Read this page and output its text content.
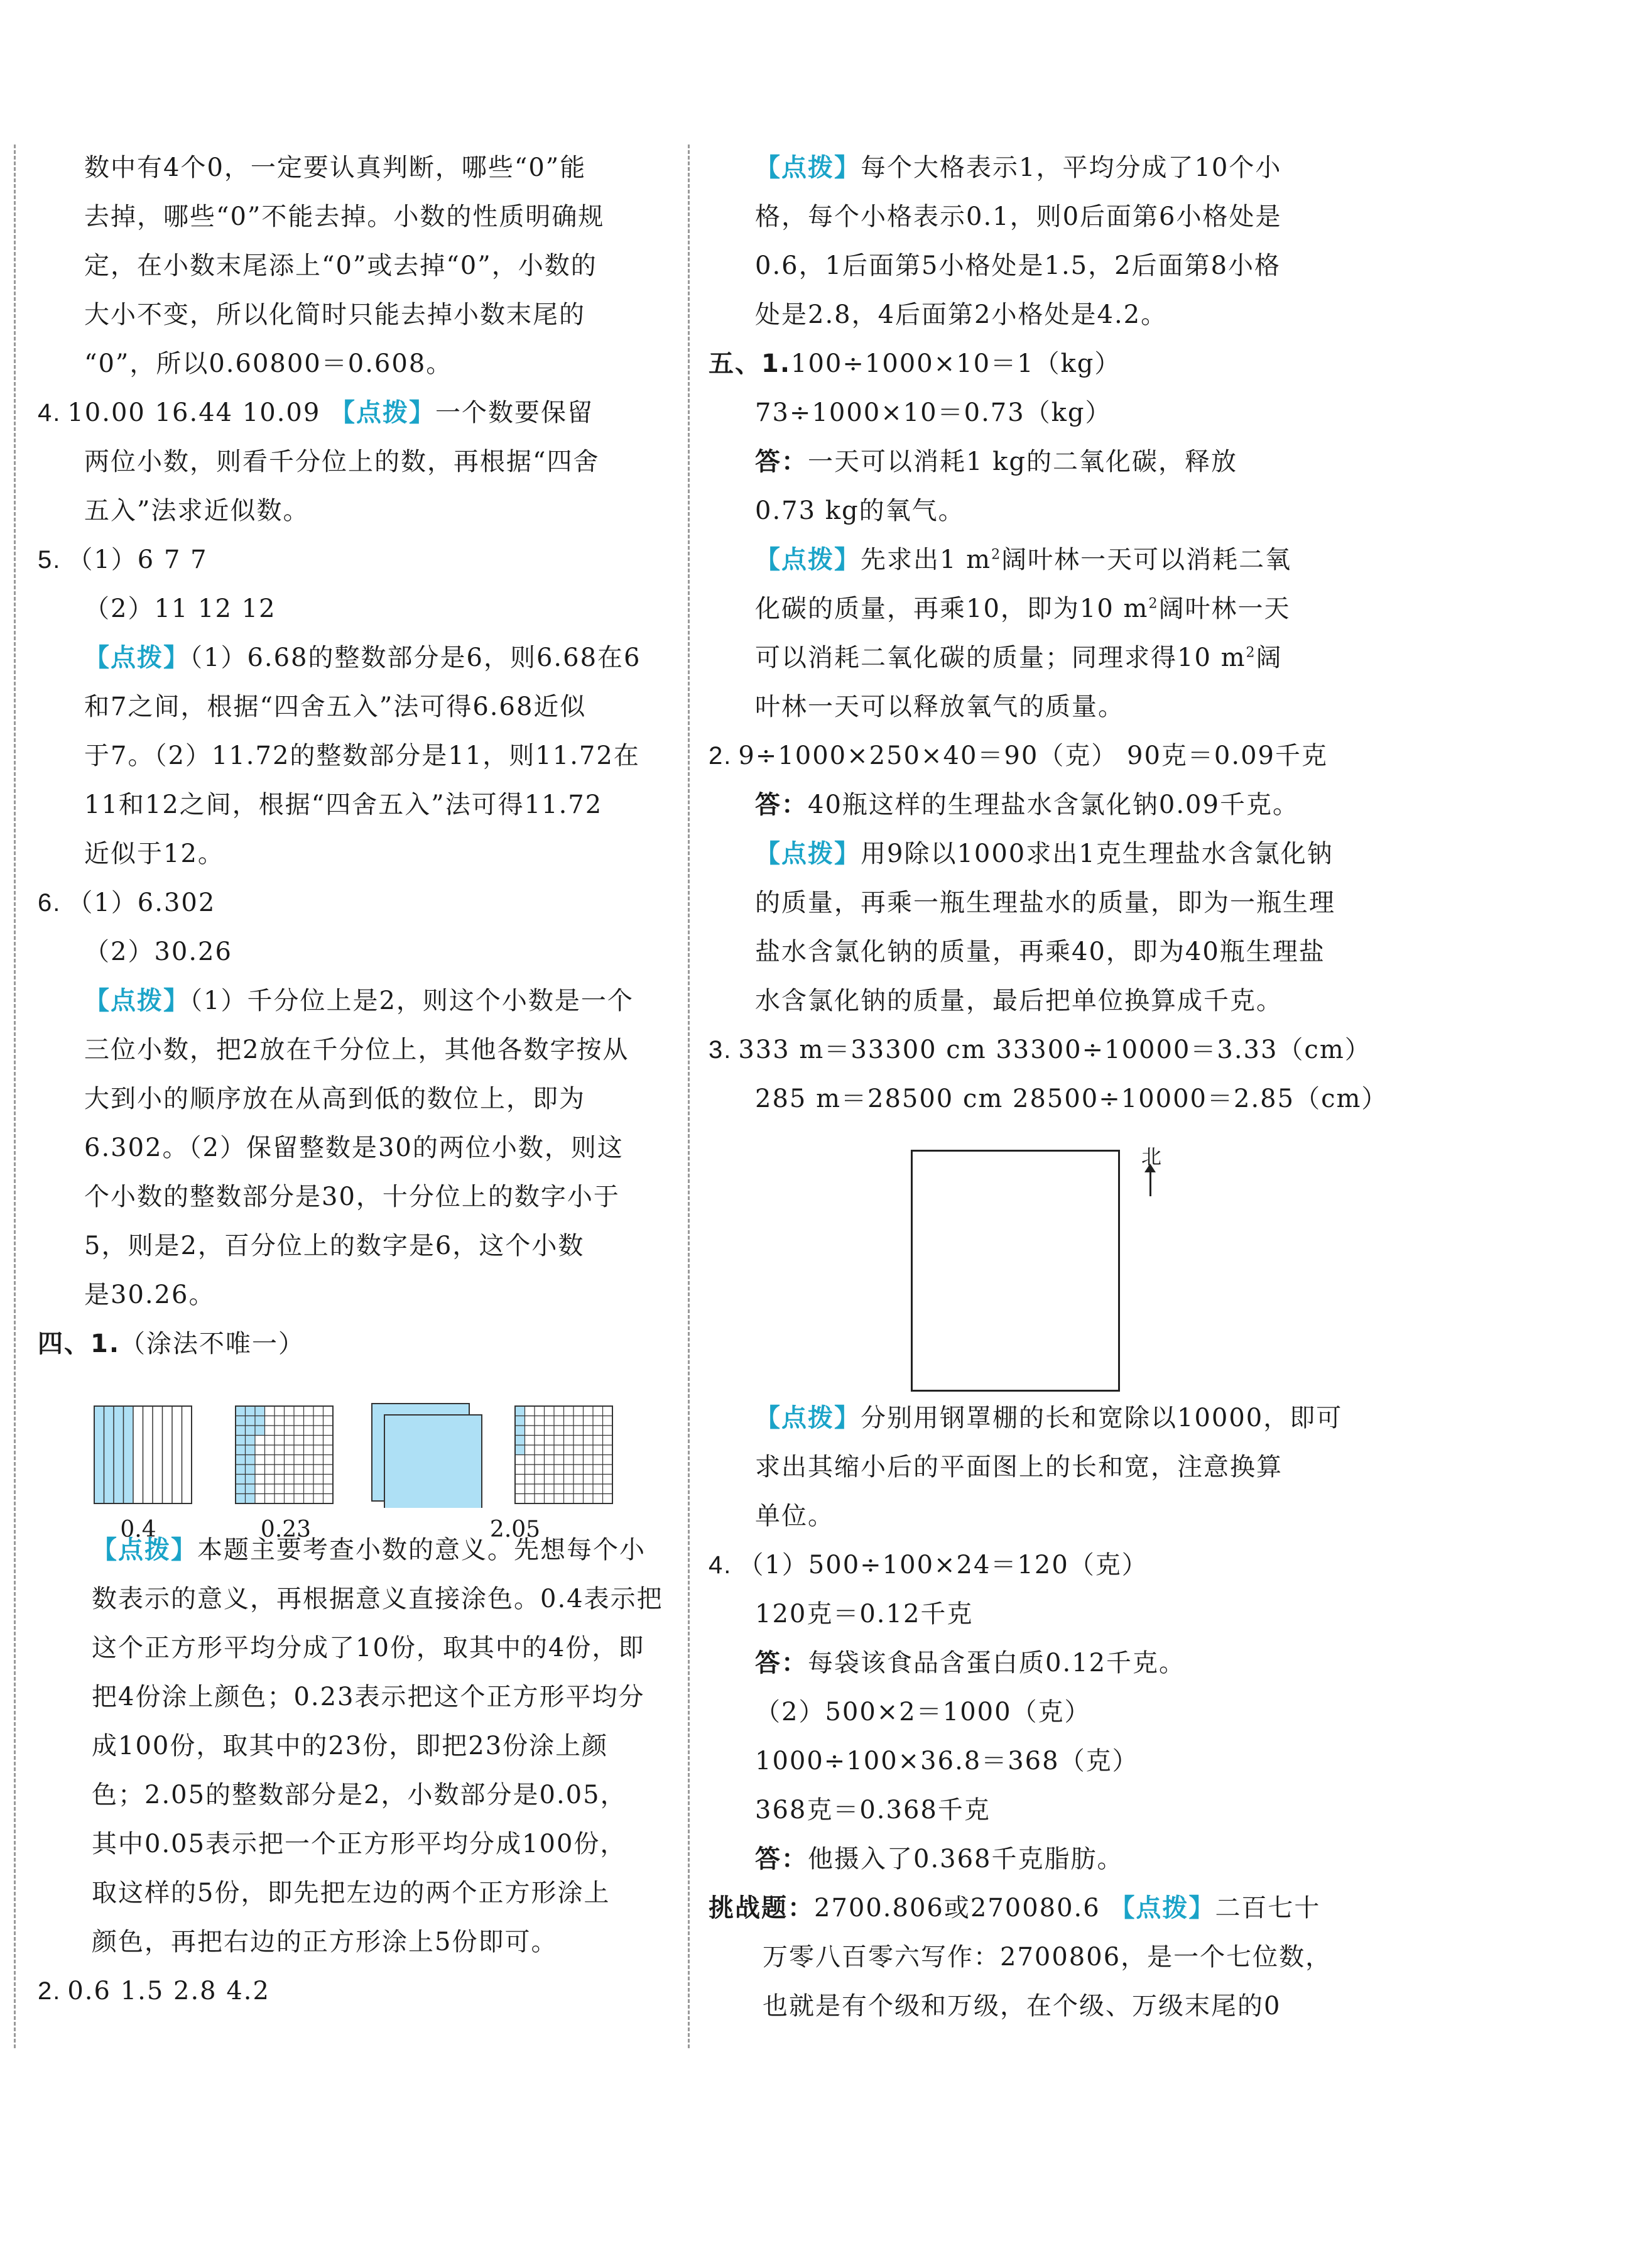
数中有4个0，一定要认真判断，哪些“0”能
去掉，哪些“0”不能去掉。小数的性质明确规
定，在小数末尾添上“0”或去掉“0”，小数的
大小不变，所以化简时只能去掉小数末尾的
“0”，所以0.60800＝0.608。
4. 10.00 16.44 10.09 【点拨】一个数要保留
两位小数，则看千分位上的数，再根据“四舍
五入”法求近似数。
5. （1）6 7 7
（2）11 12 12
【点拨】（1）6.68的整数部分是6，则6.68在6
和7之间，根据“四舍五入”法可得6.68近似
于7。（2）11.72的整数部分是11，则11.72在
11和12之间，根据“四舍五入”法可得11.72
近似于12。
6. （1）6.302
（2）30.26
【点拨】（1）千分位上是2，则这个小数是一个
三位小数，把2放在千分位上，其他各数字按从
大到小的顺序放在从高到低的数位上，即为
6.302。（2）保留整数是30的两位小数，则这
个小数的整数部分是30，十分位上的数字小于
5，则是2，百分位上的数字是6，这个小数
是30.26。
四、1.（涂法不唯一）
【点拨】本题主要考查小数的意义。先想每个小
数表示的意义，再根据意义直接涂色。0.4表示把
这个正方形平均分成了10份，取其中的4份，即
把4份涂上颜色；0.23表示把这个正方形平均分
成100份，取其中的23份，即把23份涂上颜
色；2.05的整数部分是2，小数部分是0.05，
其中0.05表示把一个正方形平均分成100份，
取这样的5份，即先把左边的两个正方形涂上
颜色，再把右边的正方形涂上5份即可。
2. 0.6 1.5 2.8 4.2
【点拨】每个大格表示1，平均分成了10个小
格，每个小格表示0.1，则0后面第6小格处是
0.6，1后面第5小格处是1.5，2后面第8小格
处是2.8，4后面第2小格处是4.2。
五、1.100÷1000×10＝1（kg）
73÷1000×10＝0.73（kg）
答：一天可以消耗1 kg的二氧化碳，释放
0.73 kg的氧气。
【点拨】先求出1 $m^2$阔叶林一天可以消耗二氧
化碳的质量，再乘10，即为10 $m^2$阔叶林一天
可以消耗二氧化碳的质量；同理求得10 $m^2$阔
叶林一天可以释放氧气的质量。
2. 9÷1000×250×40＝90（克） 90克＝0.09千克
答：40瓶这样的生理盐水含氯化钠0.09千克。
【点拨】用9除以1000求出1克生理盐水含氯化钠
的质量，再乘一瓶生理盐水的质量，即为一瓶生理
盐水含氯化钠的质量，再乘40，即为40瓶生理盐
水含氯化钠的质量，最后把单位换算成千克。
3. 333 m＝33300 cm 33300÷10000＝3.33（cm）
285 m＝28500 cm 28500÷10000＝2.85（cm）
【点拨】分别用钢罩棚的长和宽除以10000，即可
求出其缩小后的平面图上的长和宽，注意换算
单位。
4. （1）500÷100×24＝120（克）
120克＝0.12千克
答：每袋该食品含蛋白质0.12千克。
（2）500×2＝1000（克）
1000÷100×36.8＝368（克）
368克＝0.368千克
答：他摄入了0.368千克脂肪。
挑战题：2700.806或270080.6 【点拨】二百七十
万零八百零六写作：2700806，是一个七位数，
也就是有个级和万级，在个级、万级末尾的0
0.4	0.23	2.05
北
